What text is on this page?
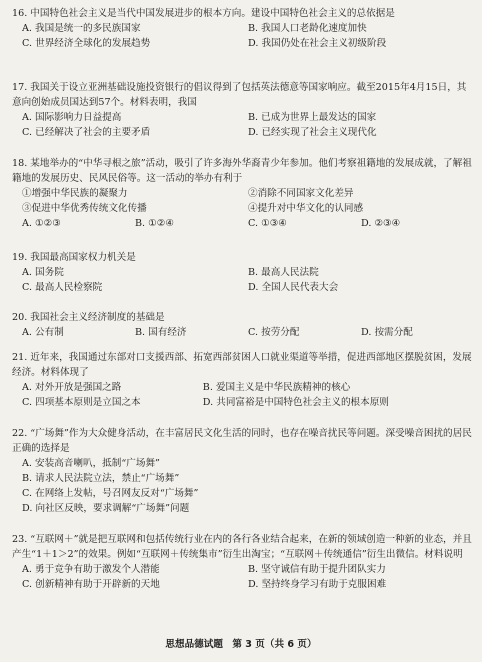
16. 中国特色社会主义是当代中国发展进步的根本方向。建设中国特色社会主义的总依据是
A. 我国是统一的多民族国家	B. 我国人口老龄化速度加快
C. 世界经济全球化的发展趋势	D. 我国仍处在社会主义初级阶段
17. 我国关于设立亚洲基础设施投资银行的倡议得到了包括英法德意等国家响应。截至2015年4月15日，其意向创始成员国达到57个。材料表明，我国
A. 国际影响力日益提高	B. 已成为世界上最发达的国家
C. 已经解决了社会的主要矛盾	D. 已经实现了社会主义现代化
18. 某地举办的“中华寻根之旅”活动，吸引了许多海外华裔青少年参加。他们考察祖籍地的发展成就，了解祖籍地的发展历史、民风民俗等。这一活动的举办有利于
①增强中华民族的凝聚力	②消除不同国家文化差异
③促进中华优秀传统文化传播	④提升对中华文化的认同感
A. ①②③	B. ①②④	C. ①③④	D. ②③④
19. 我国最高国家权力机关是
A. 国务院	B. 最高人民法院
C. 最高人民检察院	D. 全国人民代表大会
20. 我国社会主义经济制度的基础是
A. 公有制	B. 国有经济	C. 按劳分配	D. 按需分配
21. 近年来，我国通过东部对口支援西部、拓宽西部贫困人口就业渠道等举措，促进西部地区摆脱贫困，发展经济。材料体现了
A. 对外开放是强国之路	B. 爱国主义是中华民族精神的核心
C. 四项基本原则是立国之本	D. 共同富裕是中国特色社会主义的根本原则
22. “广场舞”作为大众健身活动，在丰富居民文化生活的同时，也存在噪音扰民等问题。深受噪音困扰的居民正确的选择是
A. 安装高音喇叭，抵制“广场舞”
B. 请求人民法院立法，禁止“广场舞”
C. 在网络上发帖，号召网友反对“广场舞”
D. 向社区反映，要求调解“广场舞”问题
23. “互联网＋”就是把互联网和包括传统行业在内的各行各业结合起来，在新的领域创造一种新的业态，并且产生“1＋1＞2”的效果。例如“互联网＋传统集市”衍生出淘宝；“互联网＋传统通信”衍生出微信。材料说明
A. 勇于竞争有助于激发个人潜能	B. 坚守诚信有助于提升团队实力
C. 创新精神有助于开辟新的天地	D. 坚持终身学习有助于克服困难
思想品德试题 第 3 页（共 6 页）
